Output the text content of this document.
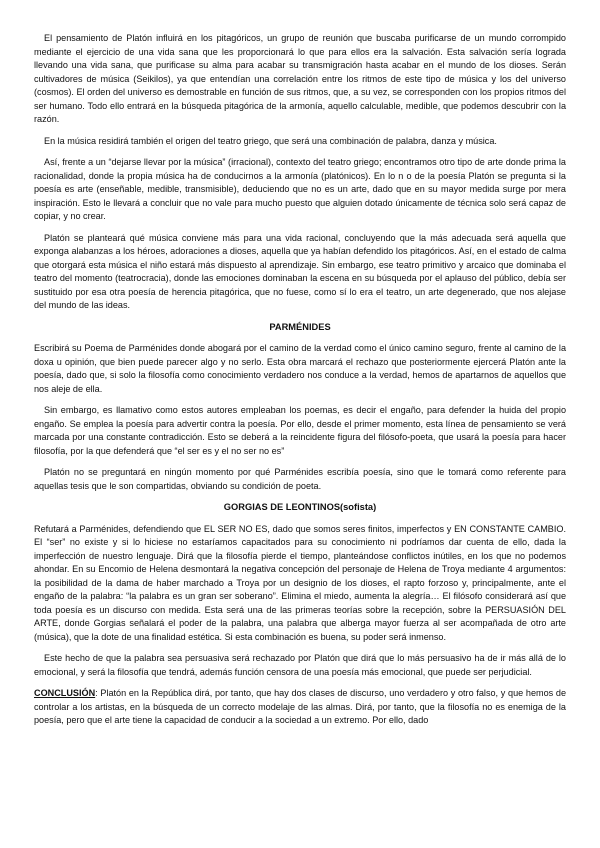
El pensamiento de Platón influirá en los pitagóricos, un grupo de reunión que buscaba purificarse de un mundo corrompido mediante el ejercicio de una vida sana que les proporcionará lo que para ellos era la salvación. Esta salvación sería lograda llevando una vida sana, que purificase su alma para acabar su transmigración hasta acabar en el mundo de los dioses. Serán cultivadores de música (Seikilos), ya que entendían una correlación entre los ritmos de este tipo de música y los del universo (cosmos). El orden del universo es demostrable en función de sus ritmos, que, a su vez, se corresponden con los propios ritmos del ser humano. Todo ello entrará en la búsqueda pitagórica de la armonía, aquello calculable, medible, que podemos descubrir con la razón.

En la música residirá también el origen del teatro griego, que será una combinación de palabra, danza y música.

Así, frente a un “dejarse llevar por la música” (irracional), contexto del teatro griego; encontramos otro tipo de arte donde prima la racionalidad, donde la propia música ha de conducirnos a la armonía (platónicos). En lo n o de la poesía Platón se pregunta si la poesía es arte (enseñable, medible, transmisible), deduciendo que no es un arte, dado que en su mayor medida surge por mera inspiración. Esto le llevará a concluir que no vale para mucho puesto que alguien dotado únicamente de técnica solo será capaz de copiar, y no crear.

Platón se planteará qué música conviene más para una vida racional, concluyendo que la más adecuada será aquella que exponga alabanzas a los héroes, adoraciones a dioses, aquella que ya habían defendido los pitagóricos. Así, en el estado de calma que otorgará esta música el niño estará más dispuesto al aprendizaje. Sin embargo, ese teatro primitivo y arcaico que dominaba el teatro del momento (teatrocracia), donde las emociones dominaban la escena en su búsqueda por el aplauso del público, debía ser sustituido por esa otra poesía de herencia pitagórica, que no fuese, como sí lo era el teatro, un arte degenerado, que nos alejase del mundo de las ideas.

PARMÉNIDES

Escribirá su Poema de Parménides donde abogará por el camino de la verdad como el único camino seguro, frente al camino de la doxa u opinión, que bien puede parecer algo y no serlo. Esta obra marcará el rechazo que posteriormente ejercerá Platón ante la poesía, dado que, si solo la filosofía como conocimiento verdadero nos conduce a la verdad, hemos de apartarnos de aquellos que nos aleje de ella.

Sin embargo, es llamativo como estos autores empleaban los poemas, es decir el engaño, para defender la huida del propio engaño. Se emplea la poesía para advertir contra la poesía. Por ello, desde el primer momento, esta línea de pensamiento se verá marcada por una constante contradicción. Esto se deberá a la reincidente figura del filósofo-poeta, que usará la poesía para hacer filosofía, por la que defenderá que “el ser es y el no ser no es”

Platón no se preguntará en ningún momento por qué Parménides escribía poesía, sino que le tomará como referente para aquellas tesis que le son compartidas, obviando su condición de poeta.

GORGIAS DE LEONTINOS(sofista)

Refutará a Parménides, defendiendo que EL SER NO ES, dado que somos seres finitos, imperfectos y EN CONSTANTE CAMBIO. El “ser” no existe y si lo hiciese no estaríamos capacitados para su conocimiento ni podríamos dar cuenta de ello, dada la imperfección de nuestro lenguaje. Dirá que la filosofía pierde el tiempo, planteándose conflictos inútiles, en los que no podemos ahondar. En su Encomio de Helena desmontará la negativa concepción del personaje de Helena de Troya mediante 4 argumentos: la posibilidad de la dama de haber marchado a Troya por un designio de los dioses, el rapto forzoso y, principalmente, ante el engaño de la palabra: “la palabra es un gran ser soberano”. Elimina el miedo, aumenta la alegría… El filósofo considerará así que toda poesía es un discurso con medida. Esta será una de las primeras teorías sobre la recepción, sobre la PERSUASIÓN DEL ARTE, donde Gorgias señalará el poder de la palabra, una palabra que alberga mayor fuerza al ser acompañada de otro arte (música), que la dote de una finalidad estética. Si esta combinación es buena, su poder será inmenso.

Este hecho de que la palabra sea persuasiva será rechazado por Platón que dirá que lo más persuasivo ha de ir más allá de lo emocional, y será la filosofía que tendrá, además función censora de una poesía más emocional, que puede ser perjudicial.

CONCLUSIÓN: Platón en la República dirá, por tanto, que hay dos clases de discurso, uno verdadero y otro falso, y que hemos de controlar a los artistas, en la búsqueda de un correcto modelaje de las almas. Dirá, por tanto, que la filosofía no es enemiga de la poesía, pero que el arte tiene la capacidad de conducir a la sociedad a un extremo. Por ello, dado
